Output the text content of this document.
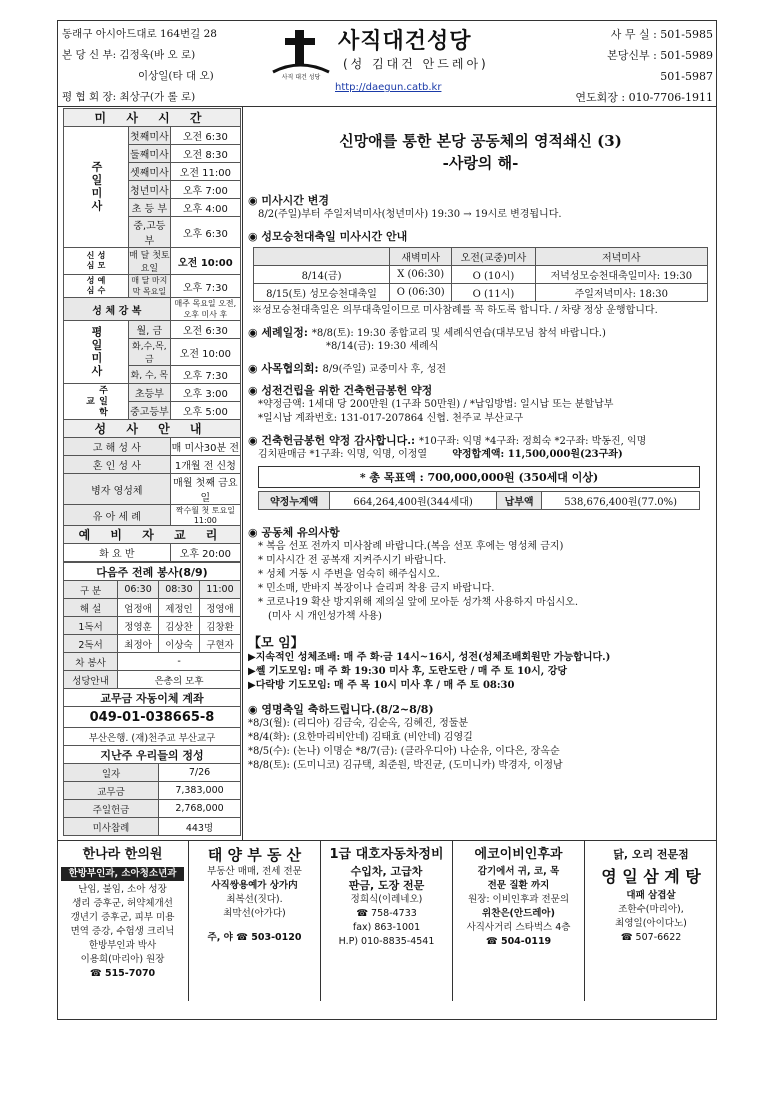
동래구 아시아드대로 164번길 28
본 당 신 부: 김정욱(바 오 로)
이상일(타 대 오)
평 협 회 장: 최상구(가 롤 로)
사직 대건 성당
사직대건성당
(성 김대건 안드레아)
http://daegun.catb.kr
사 무 실 : 501-5985
본당신부 : 501-5989
501-5987
연도회장 : 010-7706-1911
미 사 시 간		
주일미사	첫째미사	오전 6:30
	둘째미사	오전 8:30
	셋째미사	오전 11:00
	청년미사	오후 7:00
	초 등 부	오후 4:00
	중,고등부	오후 6:30
성모신심	매 달 첫토요일	오전 10:00
예수성심	매 달 마지막 목요일	오후 7:30
성 체 강 복		매주 목요일 오전, 오후 미사 후
평일미사	월, 금	오전 6:30
	화,수,목,금	오전 10:00
	화, 수, 목	오후 7:30
주일학교	초등부	오후 3:00
	중고등부	오후 5:00
성 사 안 내		
고 해 성 사		매 미사30분 전
혼 인 성 사		1개월 전 신청
병자 영성체		매월 첫째 금요일
유 아 세 례		짝수월 첫 토요일 11:00
예 비 자 교 리		
화 요 반		오후 20:00
다음주 전례 봉사(8/9)			
구 분	06:30	08:30	11:00
해 설	엄정애	제정인	정영애
1독서	정영훈	김상찬	김창환
2독서	최정아	이상숙	구현자
차 봉사	-		
성당안내	은총의 모후		
교무금 자동이체 계좌			
049-01-038665-8			
부산은행. (재)천주교 부산교구			
지난주 우리들의 정성			
일자		7/26	
교무금		7,383,000	
주일헌금		2,768,000	
미사참례		443명	
신망애를 통한 본당 공동체의 영적쇄신 (3)
-사랑의 해-
◉ 미사시간 변경
8/2(주일)부터 주일저녁미사(청년미사) 19:30 → 19시로 변경됩니다.
◉ 성모승천대축일 미사시간 안내
	새벽미사	오전(교중)미사	저녁미사
8/14(금)	X (06:30)	O (10시)	저녁성모승천대축일미사: 19:30
8/15(토) 성모승천대축일	O (06:30)	O (11시)	주일저녁미사: 18:30
※성모승천대축일은 의무대축일이므로 미사참례를 꼭 하도록 합니다. / 차량 정상 운행합니다.
◉ 세례일정: *8/8(토): 19:30 종합교리 및 세례식연습(대부모님 참석 바랍니다.)
*8/14(금): 19:30 세례식
◉ 사목협의회: 8/9(주일) 교중미사 후, 성전
◉ 성전건립을 위한 건축헌금봉헌 약정
*약정금액: 1세대 당 200만원 (1구좌 50만원) / *납입방법: 일시납 또는 분할납부
*일시납 계좌번호: 131-017-207864 신협. 천주교 부산교구
◉ 건축헌금봉헌 약정 감사합니다.: *10구좌: 익명 *4구좌: 정희숙 *2구좌: 박동진, 익명
김치판매금 *1구좌: 익명, 익명, 이정열	약정합계액: 11,500,000원(23구좌)
* 총 목표액 : 700,000,000원 (350세대 이상)
약정누계액	664,264,400원(344세대)	납부액	538,676,400원(77.0%)
◉ 공동체 유의사항
* 복음 선포 전까지 미사참례 바랍니다.(복음 선포 후에는 영성체 금지)
* 미사시간 전 공복재 지켜주시기 바랍니다.
* 성체 거동 시 주변을 엄숙히 해주십시오.
* 민소매, 반바지 복장이나 슬리퍼 착용 금지 바랍니다.
* 코로나19 확산 방지위해 제의실 앞에 모아둔 성가책 사용하지 마십시오.
(미사 시 개인성가책 사용)
【모 임】
▶지속적인 성체조배: 매 주 화·금 14시~16시, 성전(성체조배회원만 가능합니다.)
▶쎌 기도모임: 매 주 화 19:30 미사 후, 도란도란 / 매 주 토 10시, 강당
▶다락방 기도모임: 매 주 목 10시 미사 후 / 매 주 토 08:30
◉ 영명축일 축하드립니다.(8/2~8/8)
*8/3(월): (리디아) 김금숙, 김순옥, 김혜진, 정둘분
*8/4(화): (요한마리비안네) 김태효 (비안네) 김영길
*8/5(수): (논나) 이명순 *8/7(금): (클라우디아) 나순유, 이다은, 장옥순
*8/8(토): (도미니코) 김규택, 최준원, 박진균, (도미니카) 박경자, 이정남
한나라 한의원
한방부인과, 소아청소년과
난임, 불임, 소아 성장
생리 증후군, 허약체개선
갱년기 증후군, 피부 미용
면역 증강, 수험생 크리닉
한방부인과 박사
이용희(마리아) 원장
☎ 515-7070
태 양 부 동 산
부동산 매매, 전세 전문
사직쌍용예가 상가内
최복선(짓다).
최막선(아가다)
주, 야 ☎ 503-0120
1급 대호자동차정비
수입차, 고급차
판금, 도장 전문
정희식(이레네오)
☎ 758-4733
fax) 863-1001
H.P) 010-8835-4541
에코이비인후과
감기에서 귀, 코, 목
전문 질환 까지
원장: 이비인후과 전문의
위찬은(안드레아)
사직사거리 스타벅스 4층
☎ 504-0119
닭, 오리 전문점
영 일 삼 계 탕
대패 삼겹살
조한수(마리아),
최영일(아이다노)
☎ 507-6622
